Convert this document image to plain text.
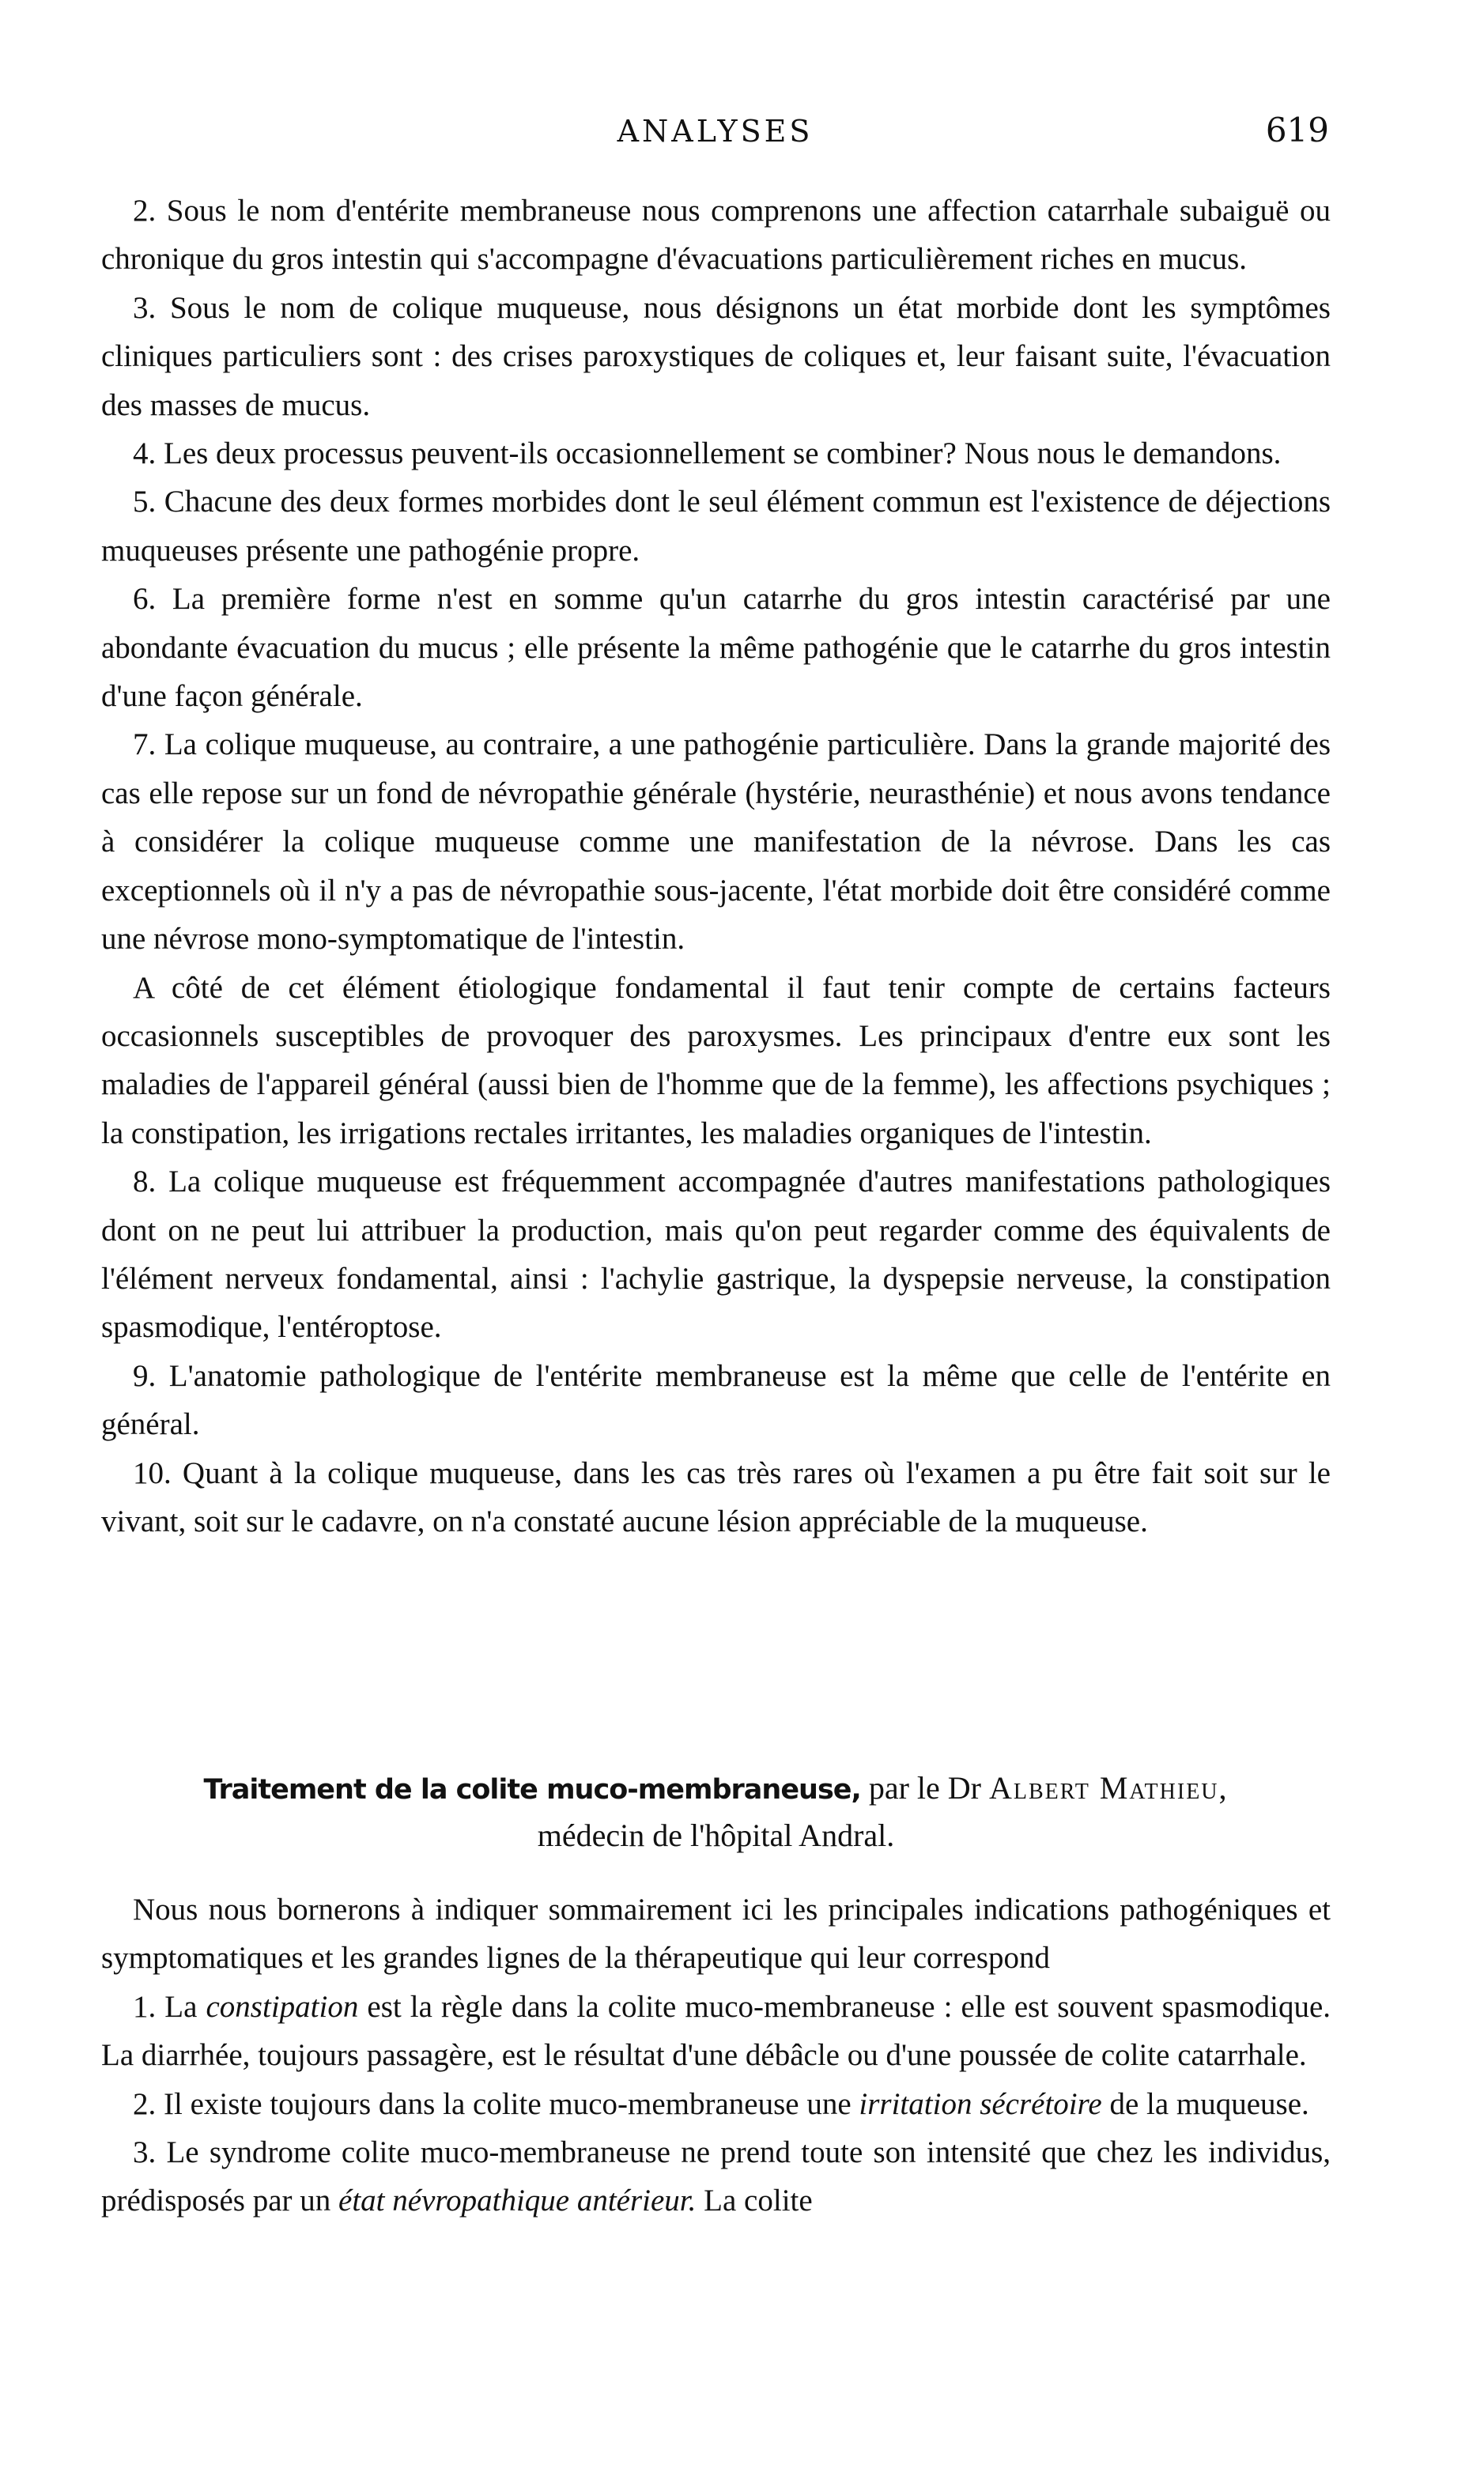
ANALYSES	619

2. Sous le nom d'entérite membraneuse nous comprenons une affection catarrhale subaiguë ou chronique du gros intestin qui s'accompagne d'évacuations particulièrement riches en mucus.

3. Sous le nom de colique muqueuse, nous désignons un état morbide dont les symptômes cliniques particuliers sont : des crises paroxystiques de coliques et, leur faisant suite, l'évacuation des masses de mucus.

4. Les deux processus peuvent-ils occasionnellement se combiner? Nous nous le demandons.

5. Chacune des deux formes morbides dont le seul élément commun est l'existence de déjections muqueuses présente une pathogénie propre.

6. La première forme n'est en somme qu'un catarrhe du gros intestin caractérisé par une abondante évacuation du mucus ; elle présente la même pathogénie que le catarrhe du gros intestin d'une façon générale.

7. La colique muqueuse, au contraire, a une pathogénie particulière. Dans la grande majorité des cas elle repose sur un fond de névropathie générale (hystérie, neurasthénie) et nous avons tendance à considérer la colique muqueuse comme une manifestation de la névrose. Dans les cas exceptionnels où il n'y a pas de névropathie sous-jacente, l'état morbide doit être considéré comme une névrose mono-symptomatique de l'intestin.

A côté de cet élément étiologique fondamental il faut tenir compte de certains facteurs occasionnels susceptibles de provoquer des paroxysmes. Les principaux d'entre eux sont les maladies de l'appareil général (aussi bien de l'homme que de la femme), les affections psychiques ; la constipation, les irrigations rectales irritantes, les maladies organiques de l'intestin.

8. La colique muqueuse est fréquemment accompagnée d'autres manifestations pathologiques dont on ne peut lui attribuer la production, mais qu'on peut regarder comme des équivalents de l'élément nerveux fondamental, ainsi : l'achylie gastrique, la dyspepsie nerveuse, la constipation spasmodique, l'entéroptose.

9. L'anatomie pathologique de l'entérite membraneuse est la même que celle de l'entérite en général.

10. Quant à la colique muqueuse, dans les cas très rares où l'examen a pu être fait soit sur le vivant, soit sur le cadavre, on n'a constaté aucune lésion appréciable de la muqueuse.

Traitement de la colite muco-membraneuse, par le Dr Albert Mathieu,
médecin de l'hôpital Andral.

Nous nous bornerons à indiquer sommairement ici les principales indications pathogéniques et symptomatiques et les grandes lignes de la thérapeutique qui leur correspond

1. La constipation est la règle dans la colite muco-membraneuse : elle est souvent spasmodique. La diarrhée, toujours passagère, est le résultat d'une débâcle ou d'une poussée de colite catarrhale.

2. Il existe toujours dans la colite muco-membraneuse une irritation sécrétoire de la muqueuse.

3. Le syndrome colite muco-membraneuse ne prend toute son intensité que chez les individus, prédisposés par un état névropathique antérieur. La colite
